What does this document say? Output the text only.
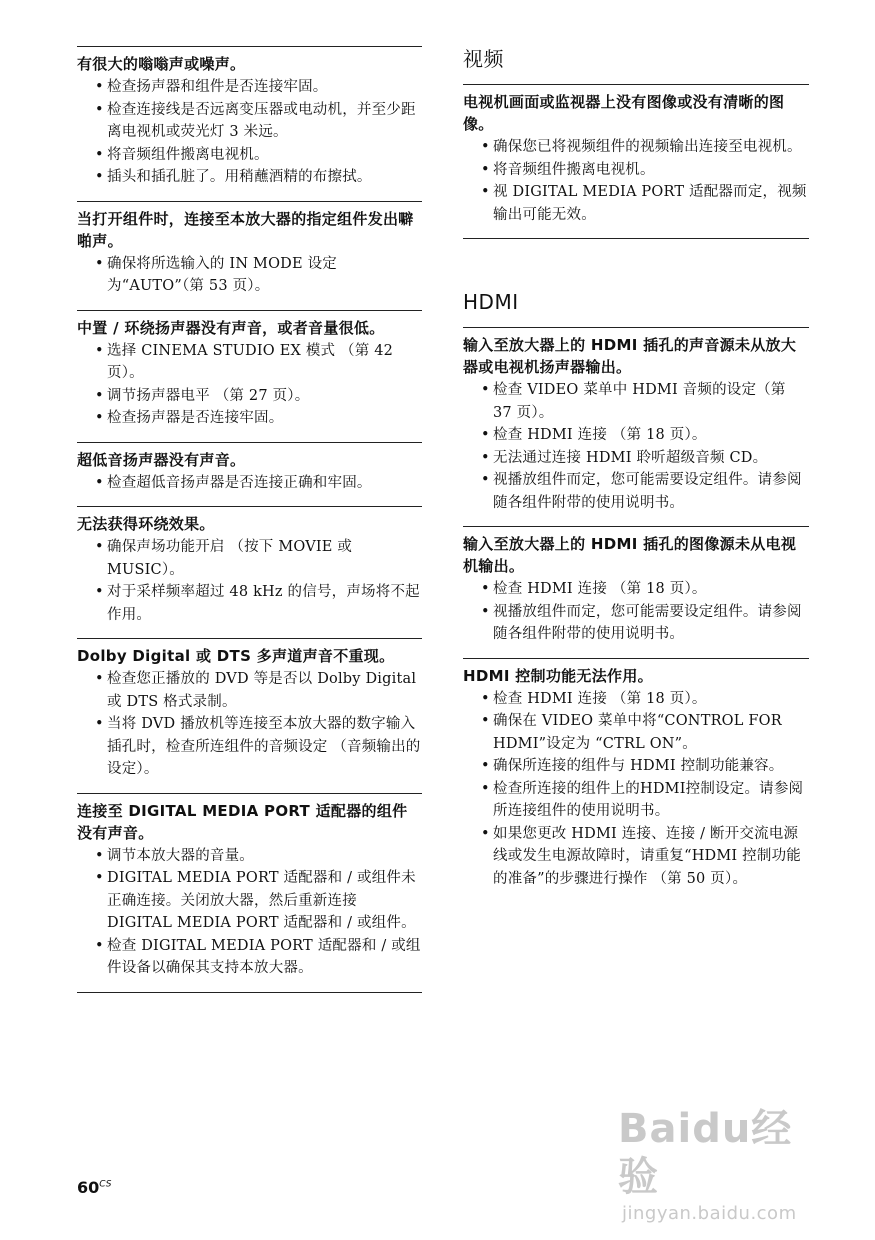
有很大的嗡嗡声或噪声。

• 检查扬声器和组件是否连接牢固。
• 检查连接线是否远离变压器或电动机，并至少距离电视机或荧光灯 3 米远。
• 将音频组件搬离电视机。
• 插头和插孔脏了。用稍蘸酒精的布擦拭。

当打开组件时，连接至本放大器的指定组件发出噼啪声。

• 确保将所选输入的 IN MODE 设定为“AUTO”（第 53 页）。

中置 / 环绕扬声器没有声音，或者音量很低。

• 选择 CINEMA STUDIO EX 模式 （第 42 页）。
• 调节扬声器电平 （第 27 页）。
• 检查扬声器是否连接牢固。

超低音扬声器没有声音。

• 检查超低音扬声器是否连接正确和牢固。

无法获得环绕效果。

• 确保声场功能开启 （按下 MOVIE 或 MUSIC）。
• 对于采样频率超过 48 kHz 的信号，声场将不起作用。

Dolby Digital 或 DTS 多声道声音不重现。

• 检查您正播放的 DVD 等是否以 Dolby Digital 或 DTS 格式录制。
• 当将 DVD 播放机等连接至本放大器的数字输入插孔时，检查所连组件的音频设定 （音频输出的设定）。

连接至 DIGITAL MEDIA PORT 适配器的组件没有声音。

• 调节本放大器的音量。
• DIGITAL MEDIA PORT 适配器和 / 或组件未正确连接。关闭放大器，然后重新连接 DIGITAL MEDIA PORT 适配器和 / 或组件。
• 检查 DIGITAL MEDIA PORT 适配器和 / 或组件设备以确保其支持本放大器。

视频

电视机画面或监视器上没有图像或没有清晰的图像。

• 确保您已将视频组件的视频输出连接至电视机。
• 将音频组件搬离电视机。
• 视 DIGITAL MEDIA PORT 适配器而定，视频输出可能无效。

HDMI

输入至放大器上的 HDMI 插孔的声音源未从放大器或电视机扬声器输出。

• 检查 VIDEO 菜单中 HDMI 音频的设定（第 37 页）。
• 检查 HDMI 连接 （第 18 页）。
• 无法通过连接 HDMI 聆听超级音频 CD。
• 视播放组件而定，您可能需要设定组件。请参阅随各组件附带的使用说明书。

输入至放大器上的 HDMI 插孔的图像源未从电视机输出。

• 检查 HDMI 连接 （第 18 页）。
• 视播放组件而定，您可能需要设定组件。请参阅随各组件附带的使用说明书。

HDMI 控制功能无法作用。

• 检查 HDMI 连接 （第 18 页）。
• 确保在 VIDEO 菜单中将“CONTROL FOR HDMI”设定为 “CTRL ON”。
• 确保所连接的组件与 HDMI 控制功能兼容。
• 检查所连接的组件上的HDMI控制设定。请参阅所连接组件的使用说明书。
• 如果您更改 HDMI 连接、连接 / 断开交流电源线或发生电源故障时，请重复“HDMI 控制功能的准备”的步骤进行操作 （第 50 页）。
$60^{CS}$
Baidu经验
jingyan.baidu.com
